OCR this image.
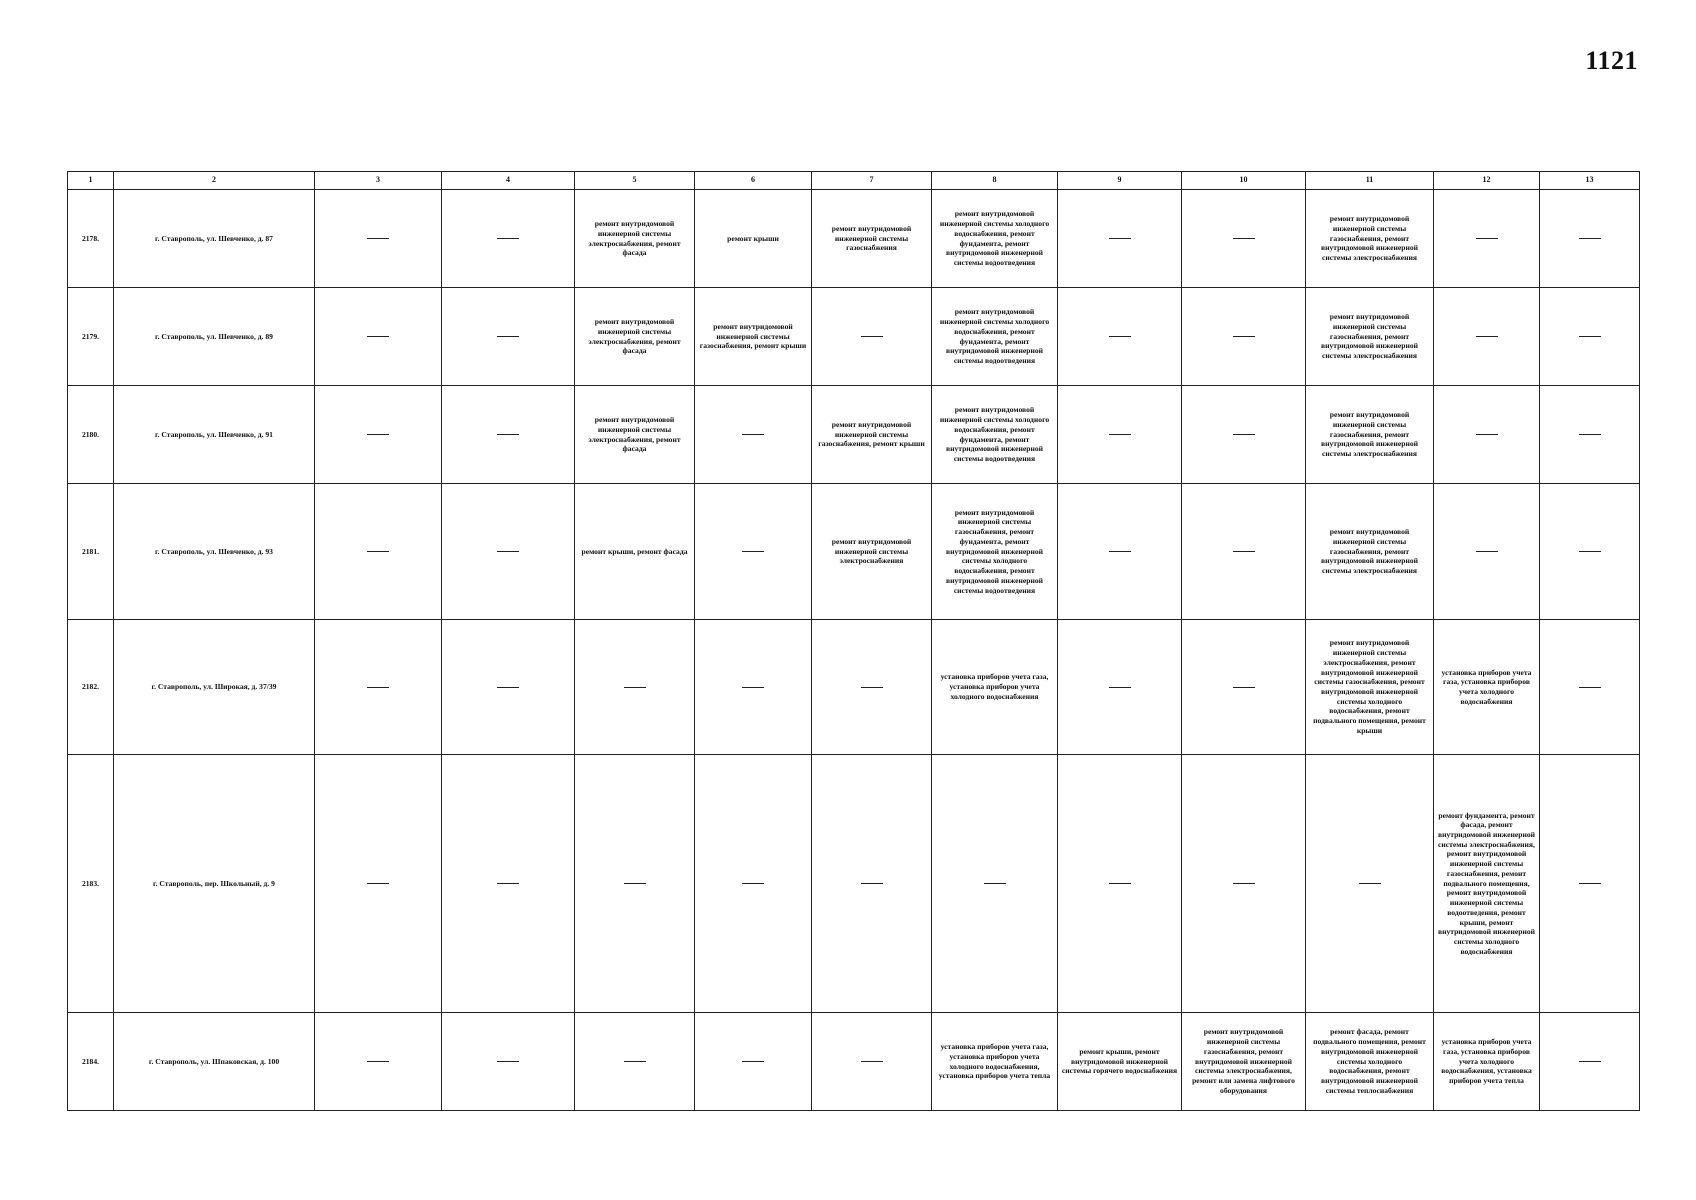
1121
1	2	3	4	5	6	7	8	9	10	11	12	13
2178.	г. Ставрополь, ул. Шевченко, д. 87			ремонт внутридомовой инженерной системы электроснабжения, ремонт фасада	ремонт крыши	ремонт внутридомовой инженерной системы газоснабжения	ремонт внутридомовой инженерной системы холодного водоснабжения, ремонт фундамента, ремонт внутридомовой инженерной системы водоотведения			ремонт внутридомовой инженерной системы газоснабжения, ремонт внутридомовой инженерной системы электроснабжения		
2179.	г. Ставрополь, ул. Шевченко, д. 89			ремонт внутридомовой инженерной системы электроснабжения, ремонт фасада	ремонт внутридомовой инженерной системы газоснабжения, ремонт крыши		ремонт внутридомовой инженерной системы холодного водоснабжения, ремонт фундамента, ремонт внутридомовой инженерной системы водоотведения			ремонт внутридомовой инженерной системы газоснабжения, ремонт внутридомовой инженерной системы электроснабжения		
2180.	г. Ставрополь, ул. Шевченко, д. 91			ремонт внутридомовой инженерной системы электроснабжения, ремонт фасада		ремонт внутридомовой инженерной системы газоснабжения, ремонт крыши	ремонт внутридомовой инженерной системы холодного водоснабжения, ремонт фундамента, ремонт внутридомовой инженерной системы водоотведения			ремонт внутридомовой инженерной системы газоснабжения, ремонт внутридомовой инженерной системы электроснабжения		
2181.	г. Ставрополь, ул. Шевченко, д. 93			ремонт крыши, ремонт фасада		ремонт внутридомовой инженерной системы электроснабжения	ремонт внутридомовой инженерной системы газоснабжения, ремонт фундамента, ремонт внутридомовой инженерной системы холодного водоснабжения, ремонт внутридомовой инженерной системы водоотведения			ремонт внутридомовой инженерной системы газоснабжения, ремонт внутридомовой инженерной системы электроснабжения		
2182.	г. Ставрополь, ул. Широкая, д. 37/39						установка приборов учета газа, установка приборов учета холодного водоснабжения			ремонт внутридомовой инженерной системы электроснабжения, ремонт внутридомовой инженерной системы газоснабжения, ремонт внутридомовой инженерной системы холодного водоснабжения, ремонт подвального помещения, ремонт крыши	установка приборов учета газа, установка приборов учета холодного водоснабжения	
2183.	г. Ставрополь, пер. Школьный, д. 9										ремонт фундамента, ремонт фасада, ремонт внутридомовой инженерной системы электроснабжения, ремонт внутридомовой инженерной системы газоснабжения, ремонт подвального помещения, ремонт внутридомовой инженерной системы водоотведения, ремонт крыши, ремонт внутридомовой инженерной системы холодного водоснабжения	
2184.	г. Ставрополь, ул. Шпаковская, д. 100						установка приборов учета газа, установка приборов учета холодного водоснабжения, установка приборов учета тепла	ремонт крыши, ремонт внутридомовой инженерной системы горячего водоснабжения	ремонт внутридомовой инженерной системы газоснабжения, ремонт внутридомовой инженерной системы электроснабжения, ремонт или замена лифтового оборудования	ремонт фасада, ремонт подвального помещения, ремонт внутридомовой инженерной системы холодного водоснабжения, ремонт внутридомовой инженерной системы теплоснабжения	установка приборов учета газа, установка приборов учета холодного водоснабжения, установка приборов учета тепла	
